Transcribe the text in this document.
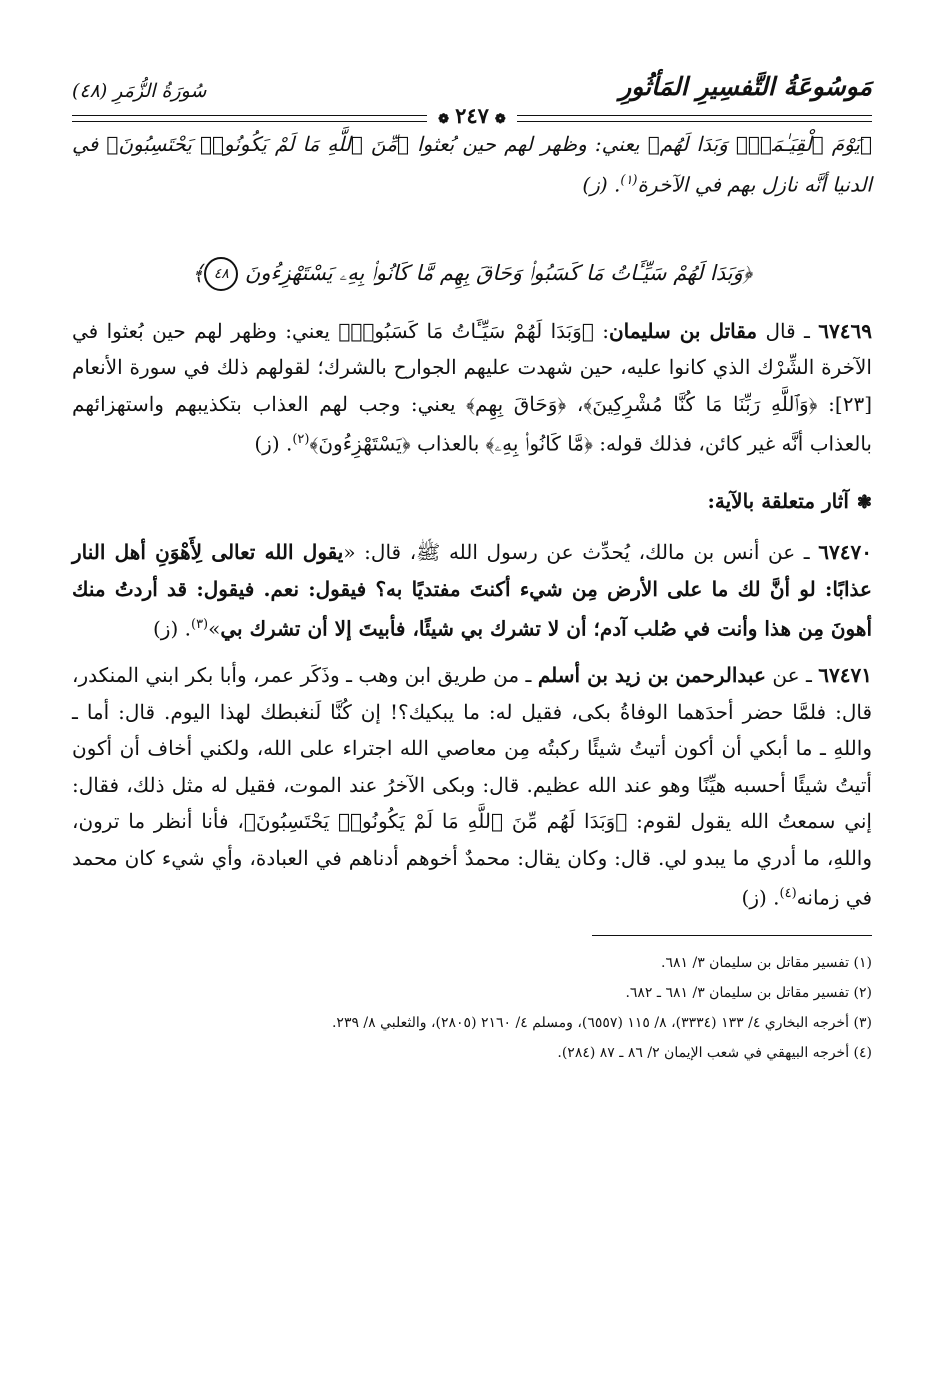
مَوسُوعَةُ التَّفسِيرِ المَأثُورِ
سُورَةُ الزُّمَرِ (٤٨)
❁٢٤٧❁

﴿يَوْمَ ٱلْقِيَـٰمَةِۚ وَبَدَا لَهُم﴾ يعني: وظهر لهم حين بُعثوا ﴿مِّنَ ٱللَّهِ مَا لَمْ يَكُونُوا۟ يَحْتَسِبُونَ﴾ في الدنيا أنَّه نازل بهم في الآخرة$^{(١)}$. (ز)

﴿وَبَدَا لَهُمْ سَيِّـَٔاتُ مَا كَسَبُوا۟ وَحَاقَ بِهِم مَّا كَانُوا۟ بِهِۦ يَسْتَهْزِءُونَ ٤٨﴾

٦٧٤٦٩ ـ قال مقاتل بن سليمان: ﴿وَبَدَا لَهُمْ سَيِّـَٔاتُ مَا كَسَبُوا۟﴾ يعني: وظهر لهم حين بُعثوا في الآخرة الشِّرْك الذي كانوا عليه، حين شهدت عليهم الجوارح بالشرك؛ لقولهم ذلك في سورة الأنعام [٢٣]: ﴿وَٱللَّهِ رَبِّنَا مَا كُنَّا مُشْرِكِينَ﴾، ﴿وَحَاقَ بِهِم﴾ يعني: وجب لهم العذاب بتكذيبهم واستهزائهم بالعذاب أنَّه غير كائن، فذلك قوله: ﴿مَّا كَانُوا۟ بِهِۦ﴾ بالعذاب ﴿يَسْتَهْزِءُونَ﴾$^{(٢)}$. (ز)

❃آثار متعلقة بالآية:

٦٧٤٧٠ ـ عن أنس بن مالك، يُحدِّث عن رسول الله ﷺ، قال: «يقول الله تعالى لِأَهْوَنِ أهل النار عذابًا: لو أنَّ لك ما على الأرض مِن شيء أكنتَ مفتديًا به؟ فيقول: نعم. فيقول: قد أردتُ منك أهونَ مِن هذا وأنت في صُلب آدم؛ أن لا تشرك بي شيئًا، فأبيتَ إلا أن تشرك بي»$^{(٣)}$. (ز)

٦٧٤٧١ ـ عن عبدالرحمن بن زيد بن أسلم ـ من طريق ابن وهب ـ وذَكَر عمر، وأبا بكر ابني المنكدر، قال: فلمَّا حضر أحدَهما الوفاةُ بكى، فقيل له: ما يبكيك؟! إن كُنَّا لَنغبطك لهذا اليوم. قال: أما ـ واللهِ ـ ما أبكي أن أكون أتيتُ شيئًا ركبتُه مِن معاصي الله اجتراء على الله، ولكني أخاف أن أكون أتيتُ شيئًا أحسبه هيِّنًا وهو عند الله عظيم. قال: وبكى الآخرُ عند الموت، فقيل له مثل ذلك، فقال: إني سمعتُ الله يقول لقوم: ﴿وَبَدَا لَهُم مِّنَ ٱللَّهِ مَا لَمْ يَكُونُوا۟ يَحْتَسِبُونَ﴾، فأنا أنظر ما ترون، واللهِ، ما أدري ما يبدو لي. قال: وكان يقال: محمدٌ أخوهم أدناهم في العبادة، وأي شيء كان محمد في زمانه$^{(٤)}$. (ز)

(١) تفسير مقاتل بن سليمان ٣/ ٦٨١.

(٢) تفسير مقاتل بن سليمان ٣/ ٦٨١ ـ ٦٨٢.

(٣) أخرجه البخاري ٤/ ١٣٣ (٣٣٣٤)، ٨/ ١١٥ (٦٥٥٧)، ومسلم ٤/ ٢١٦٠ (٢٨٠٥)، والثعلبي ٨/ ٢٣٩.

(٤) أخرجه البيهقي في شعب الإيمان ٢/ ٨٦ ـ ٨٧ (٢٨٤).
